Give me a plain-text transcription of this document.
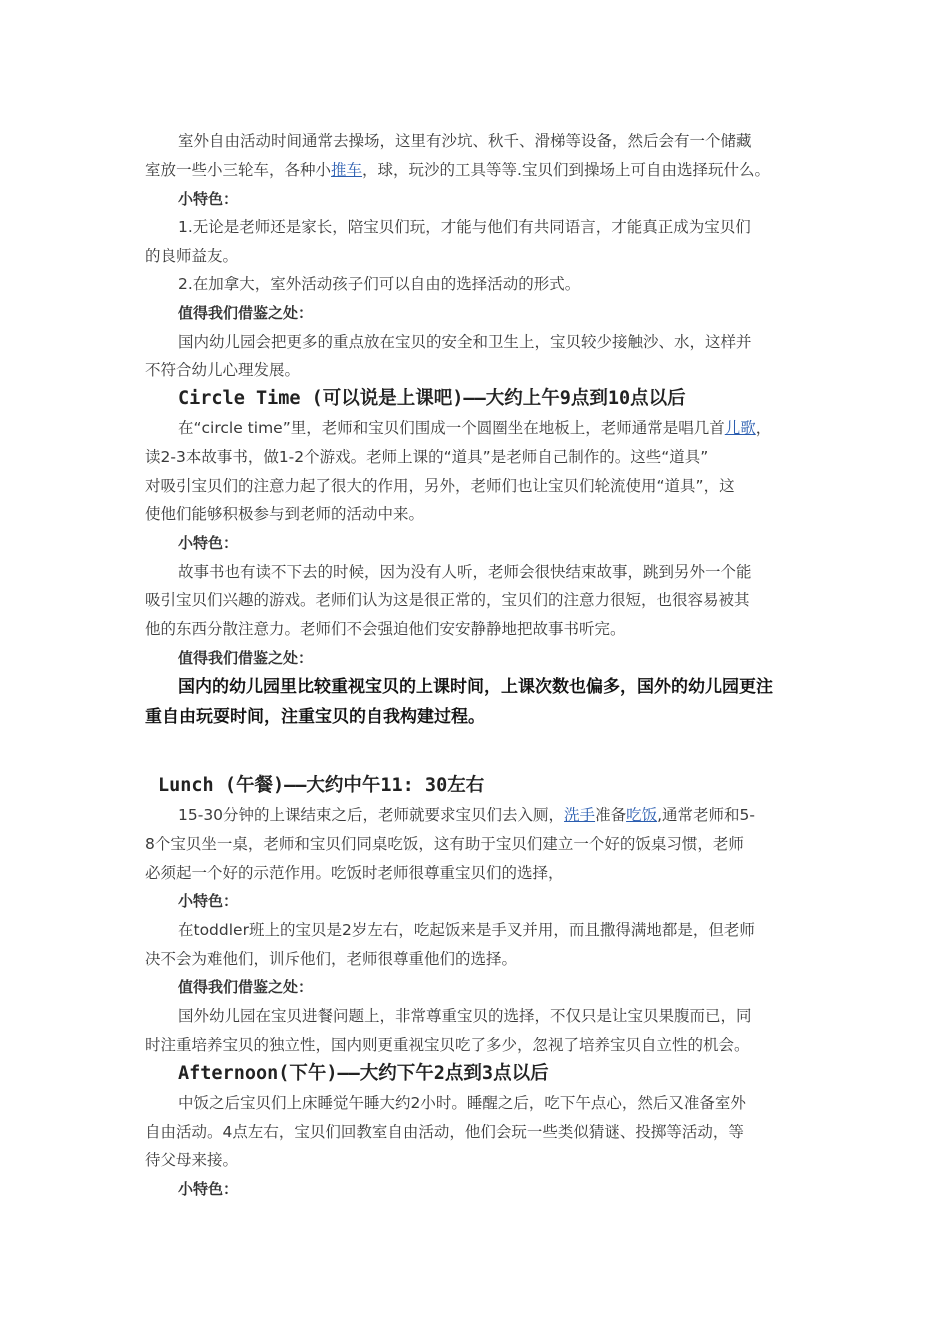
室外自由活动时间通常去操场，这里有沙坑、秋千、滑梯等设备，然后会有一个储藏
室放一些小三轮车，各种小推车，球，玩沙的工具等等.宝贝们到操场上可自由选择玩什么。
小特色：
1.无论是老师还是家长，陪宝贝们玩，才能与他们有共同语言，才能真正成为宝贝们
的良师益友。
2.在加拿大，室外活动孩子们可以自由的选择活动的形式。
值得我们借鉴之处：
国内幼儿园会把更多的重点放在宝贝的安全和卫生上，宝贝较少接触沙、水，这样并
不符合幼儿心理发展。
Circle Time (可以说是上课吧)——大约上午9点到10点以后
在“circle time”里，老师和宝贝们围成一个圆圈坐在地板上，老师通常是唱几首儿歌，
读2-3本故事书，做1-2个游戏。老师上课的“道具”是老师自己制作的。这些“道具”
对吸引宝贝们的注意力起了很大的作用，另外，老师们也让宝贝们轮流使用“道具”，这
使他们能够积极参与到老师的活动中来。
小特色：
故事书也有读不下去的时候，因为没有人听，老师会很快结束故事，跳到另外一个能
吸引宝贝们兴趣的游戏。老师们认为这是很正常的，宝贝们的注意力很短，也很容易被其
他的东西分散注意力。老师们不会强迫他们安安静静地把故事书听完。
值得我们借鉴之处：
国内的幼儿园里比较重视宝贝的上课时间，上课次数也偏多，国外的幼儿园更注
重自由玩耍时间，注重宝贝的自我构建过程。
Lunch (午餐)——大约中午11: 30左右
15-30分钟的上课结束之后，老师就要求宝贝们去入厕，洗手准备吃饭,通常老师和5-
8个宝贝坐一桌，老师和宝贝们同桌吃饭，这有助于宝贝们建立一个好的饭桌习惯，老师
必须起一个好的示范作用。吃饭时老师很尊重宝贝们的选择，
小特色：
在toddler班上的宝贝是2岁左右，吃起饭来是手叉并用，而且撒得满地都是，但老师
决不会为难他们，训斥他们，老师很尊重他们的选择。
值得我们借鉴之处：
国外幼儿园在宝贝进餐问题上，非常尊重宝贝的选择，不仅只是让宝贝果腹而已，同
时注重培养宝贝的独立性，国内则更重视宝贝吃了多少，忽视了培养宝贝自立性的机会。
Afternoon(下午)——大约下午2点到3点以后
中饭之后宝贝们上床睡觉午睡大约2小时。睡醒之后，吃下午点心，然后又准备室外
自由活动。4点左右，宝贝们回教室自由活动，他们会玩一些类似猜谜、投掷等活动，等
待父母来接。
小特色：
